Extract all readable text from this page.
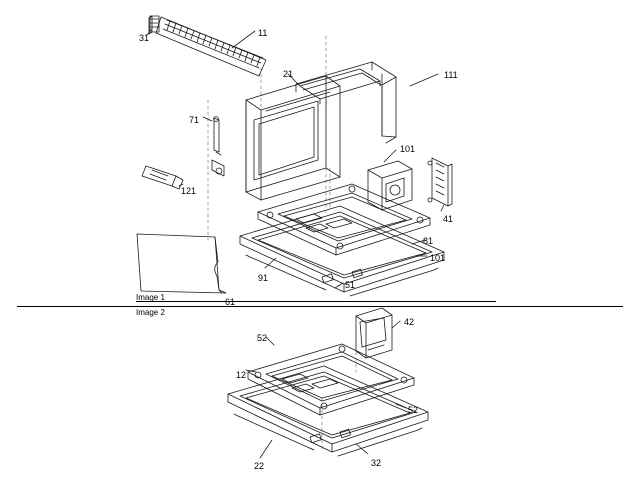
Image 1
Image 2
31	11
21	111
71
101
121
41
81
101
91
51
61
42
52
12
52
22	32
